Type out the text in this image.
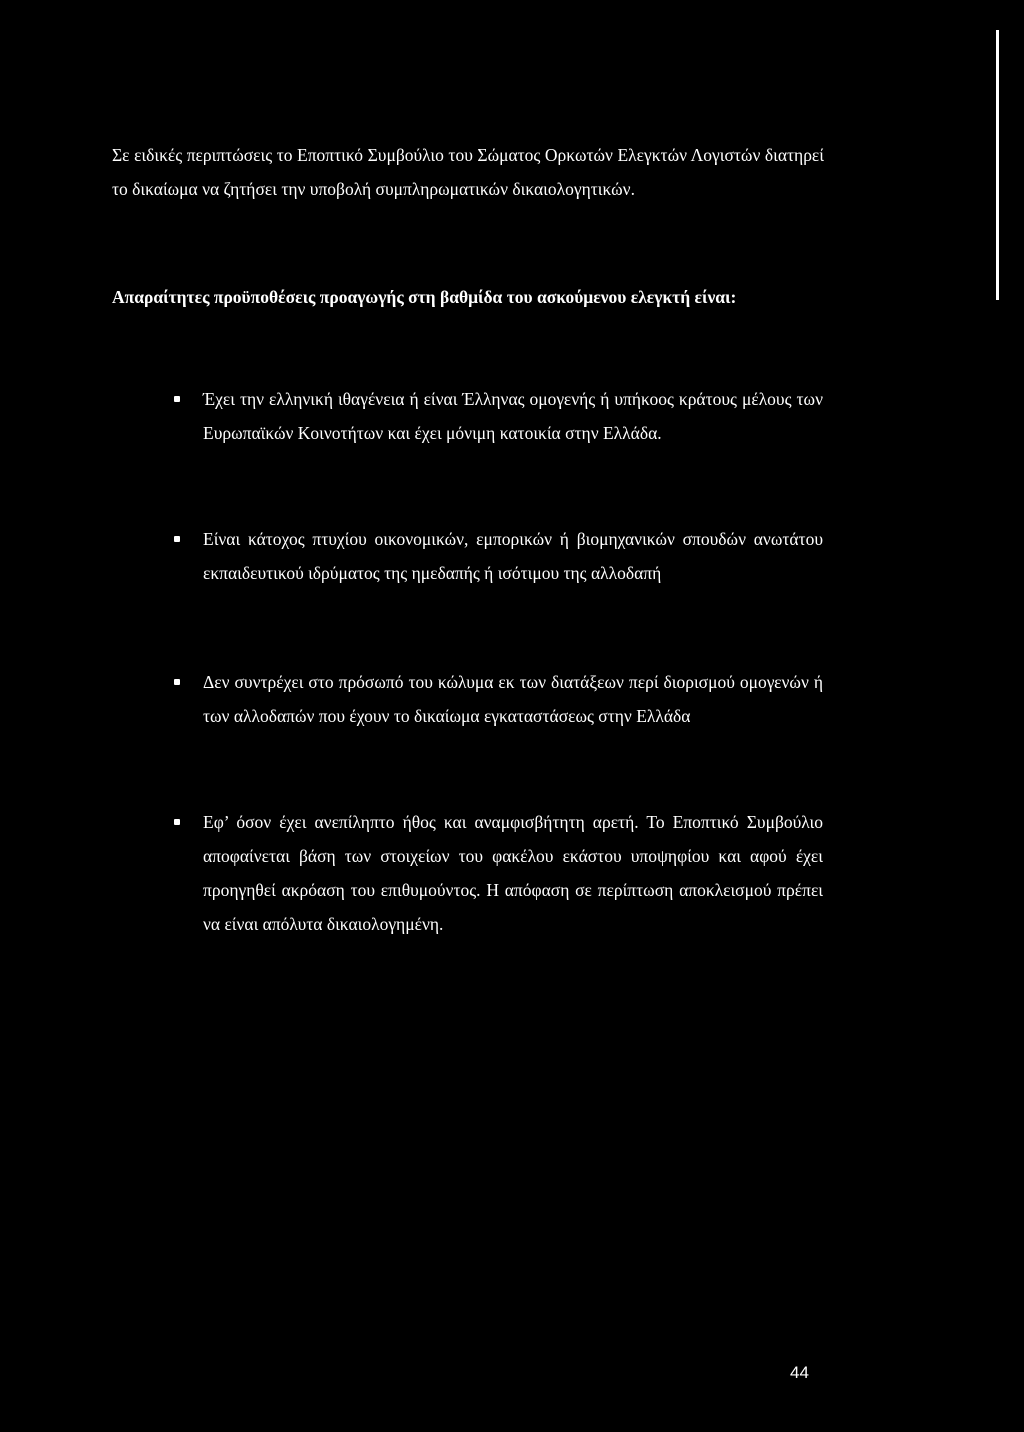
Σε ειδικές περιπτώσεις το Εποπτικό Συμβούλιο του Σώματος Ορκωτών Ελεγκτών Λογιστών διατηρεί το δικαίωμα να ζητήσει την υποβολή συμπληρωματικών δικαιολογητικών.

Απαραίτητες προϋποθέσεις προαγωγής στη βαθμίδα του ασκούμενου ελεγκτή είναι:

Έχει την ελληνική ιθαγένεια ή είναι Έλληνας ομογενής ή υπήκοος κράτους μέλους των Ευρωπαϊκών Κοινοτήτων και έχει μόνιμη κατοικία στην Ελλάδα.

Είναι κάτοχος πτυχίου οικονομικών, εμπορικών ή βιομηχανικών σπουδών ανωτάτου εκπαιδευτικού ιδρύματος της ημεδαπής ή ισότιμου της αλλοδαπή

Δεν συντρέχει στο πρόσωπό του κώλυμα εκ των διατάξεων περί διορισμού ομογενών ή των αλλοδαπών που έχουν το δικαίωμα εγκαταστάσεως στην Ελλάδα

Εφ’ όσον έχει ανεπίληπτο ήθος και αναμφισβήτητη αρετή. Το Εποπτικό Συμβούλιο αποφαίνεται βάση των στοιχείων του φακέλου εκάστου υποψηφίου και αφού έχει προηγηθεί ακρόαση του επιθυμούντος. Η απόφαση σε περίπτωση αποκλεισμού πρέπει να είναι απόλυτα δικαιολογημένη.

44
